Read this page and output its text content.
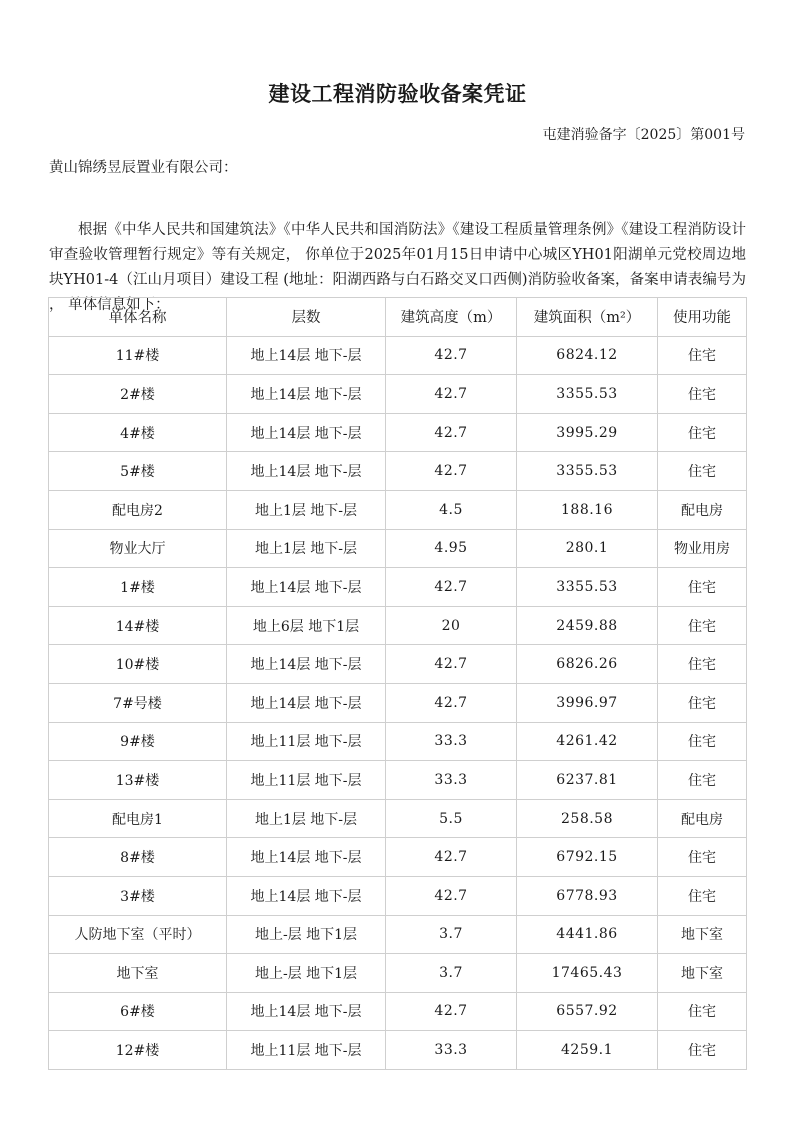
建设工程消防验收备案凭证
屯建消验备字〔2025〕第001号
黄山锦绣昱辰置业有限公司：
根据《中华人民共和国建筑法》《中华人民共和国消防法》《建设工程质量管理条例》《建设工程消防设计审查验收管理暂行规定》等有关规定， 你单位于2025年01月15日申请中心城区YH01阳湖单元党校周边地块YH01-4（江山月项目）建设工程 (地址：阳湖西路与白石路交叉口西侧)消防验收备案，备案申请表编号为 ， 单体信息如下：
单体名称	层数	建筑高度（m）	建筑面积（m²）	使用功能
11#楼	地上14层 地下-层	42.7	6824.12	住宅
2#楼	地上14层 地下-层	42.7	3355.53	住宅
4#楼	地上14层 地下-层	42.7	3995.29	住宅
5#楼	地上14层 地下-层	42.7	3355.53	住宅
配电房2	地上1层 地下-层	4.5	188.16	配电房
物业大厅	地上1层 地下-层	4.95	280.1	物业用房
1#楼	地上14层 地下-层	42.7	3355.53	住宅
14#楼	地上6层 地下1层	20	2459.88	住宅
10#楼	地上14层 地下-层	42.7	6826.26	住宅
7#号楼	地上14层 地下-层	42.7	3996.97	住宅
9#楼	地上11层 地下-层	33.3	4261.42	住宅
13#楼	地上11层 地下-层	33.3	6237.81	住宅
配电房1	地上1层 地下-层	5.5	258.58	配电房
8#楼	地上14层 地下-层	42.7	6792.15	住宅
3#楼	地上14层 地下-层	42.7	6778.93	住宅
人防地下室（平时）	地上-层 地下1层	3.7	4441.86	地下室
地下室	地上-层 地下1层	3.7	17465.43	地下室
6#楼	地上14层 地下-层	42.7	6557.92	住宅
12#楼	地上11层 地下-层	33.3	4259.1	住宅
